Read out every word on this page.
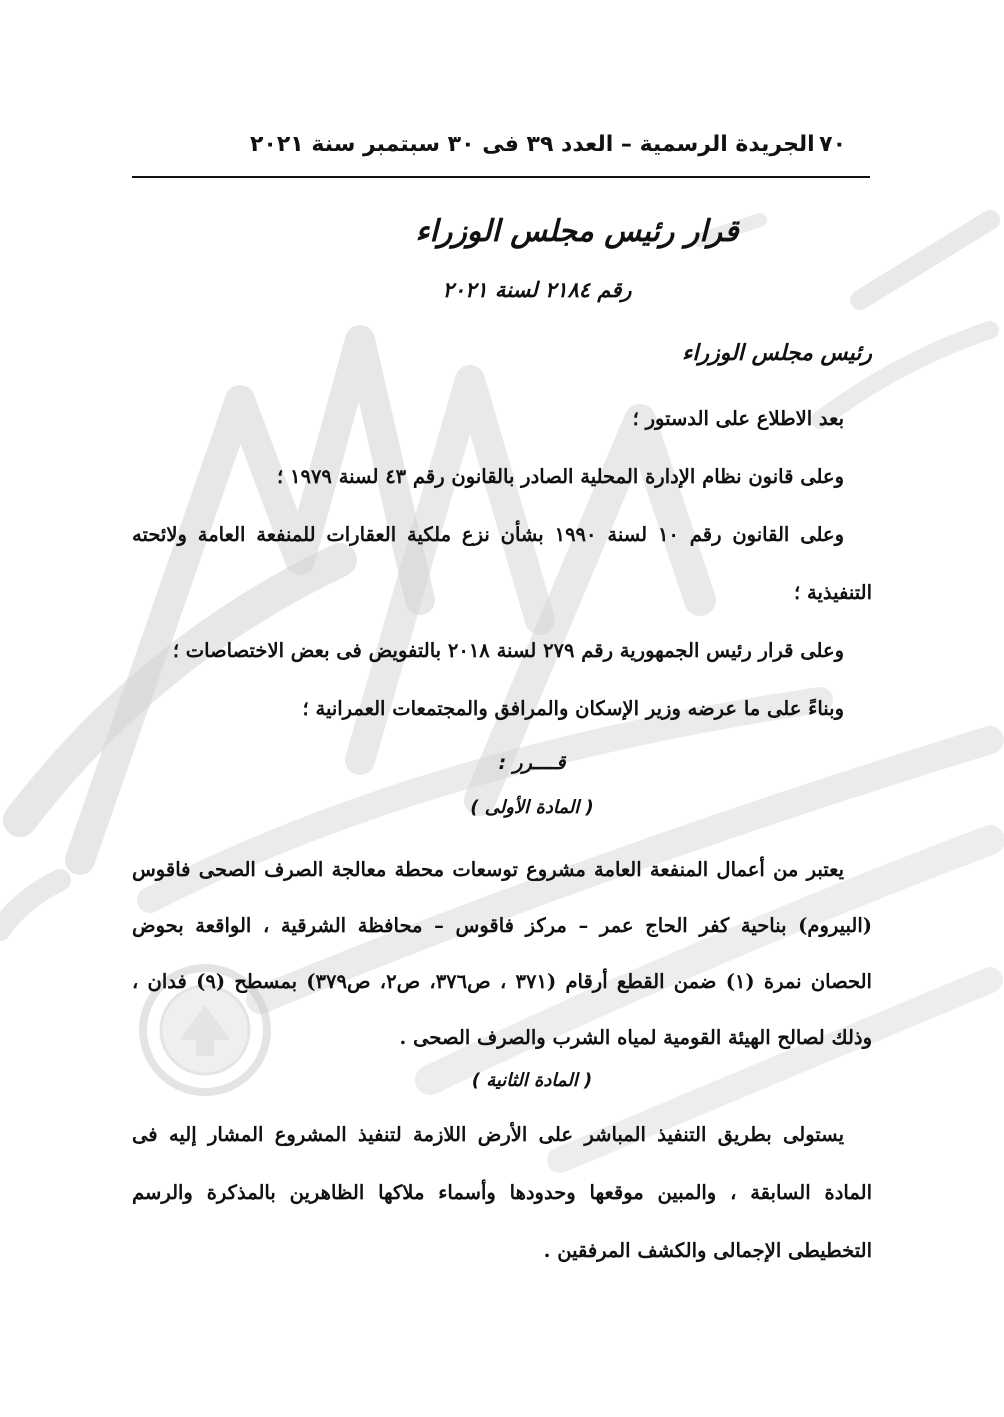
٧٠
الجريدة الرسمية – العدد ٣٩ فى ٣٠ سبتمبر سنة ٢٠٢١
قرار رئيس مجلس الوزراء
رقم ٢١٨٤ لسنة ٢٠٢١

رئيس مجلس الوزراء

بعد الاطلاع على الدستور ؛

وعلى قانون نظام الإدارة المحلية الصادر بالقانون رقم ٤٣ لسنة ١٩٧٩ ؛

وعلى القانون رقم ١٠ لسنة ١٩٩٠ بشأن نزع ملكية العقارات للمنفعة العامة ولائحته التنفيذية ؛

وعلى قرار رئيس الجمهورية رقم ٢٧٩ لسنة ٢٠١٨ بالتفويض فى بعض الاختصاصات ؛

وبناءً على ما عرضه وزير الإسكان والمرافق والمجتمعات العمرانية ؛

قــــرر :

( المادة الأولى )

يعتبر من أعمال المنفعة العامة مشروع توسعات محطة معالجة الصرف الصحى فاقوس (البيروم) بناحية كفر الحاج عمر – مركز فاقوس – محافظة الشرقية ، الواقعة بحوض الحصان نمرة (١) ضمن القطع أرقام (٣٧١ ، ص٣٧٦، ص٢، ص٣٧٩) بمسطح (٩) فدان ، وذلك لصالح الهيئة القومية لمياه الشرب والصرف الصحى .

( المادة الثانية )

يستولى بطريق التنفيذ المباشر على الأرض اللازمة لتنفيذ المشروع المشار إليه فى المادة السابقة ، والمبين موقعها وحدودها وأسماء ملاكها الظاهرين بالمذكرة والرسم التخطيطى الإجمالى والكشف المرفقين .
